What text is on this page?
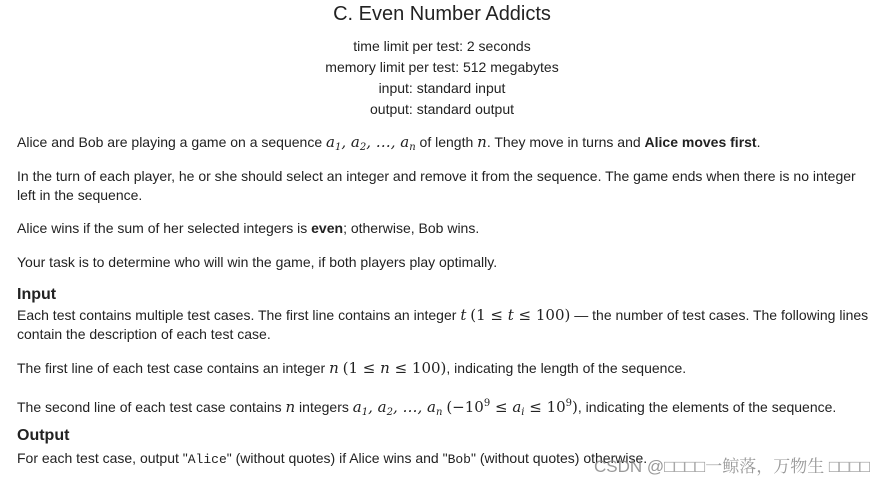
C. Even Number Addicts
time limit per test: 2 seconds
memory limit per test: 512 megabytes
input: standard input
output: standard output
Alice and Bob are playing a game on a sequence $a_1$, $a_2$, …, $a_n$ of length n. They move in turns and Alice moves first.
In the turn of each player, he or she should select an integer and remove it from the sequence. The game ends when there is no integer left in the sequence.
Alice wins if the sum of her selected integers is even; otherwise, Bob wins.
Your task is to determine who will win the game, if both players play optimally.
Input
Each test contains multiple test cases. The first line contains an integer t (1 ≤ t ≤ 100) — the number of test cases. The following lines contain the description of each test case.
The first line of each test case contains an integer n (1 ≤ n ≤ 100), indicating the length of the sequence.
The second line of each test case contains n integers $a_1$, $a_2$, …, $a_n$ $(-10^9 \le a_i \le 10^9)$, indicating the elements of the sequence.
Output
For each test case, output "Alice" (without quotes) if Alice wins and "Bob" (without quotes) otherwise.
CSDN @□□□□一鲸落，万物生 □□□□
